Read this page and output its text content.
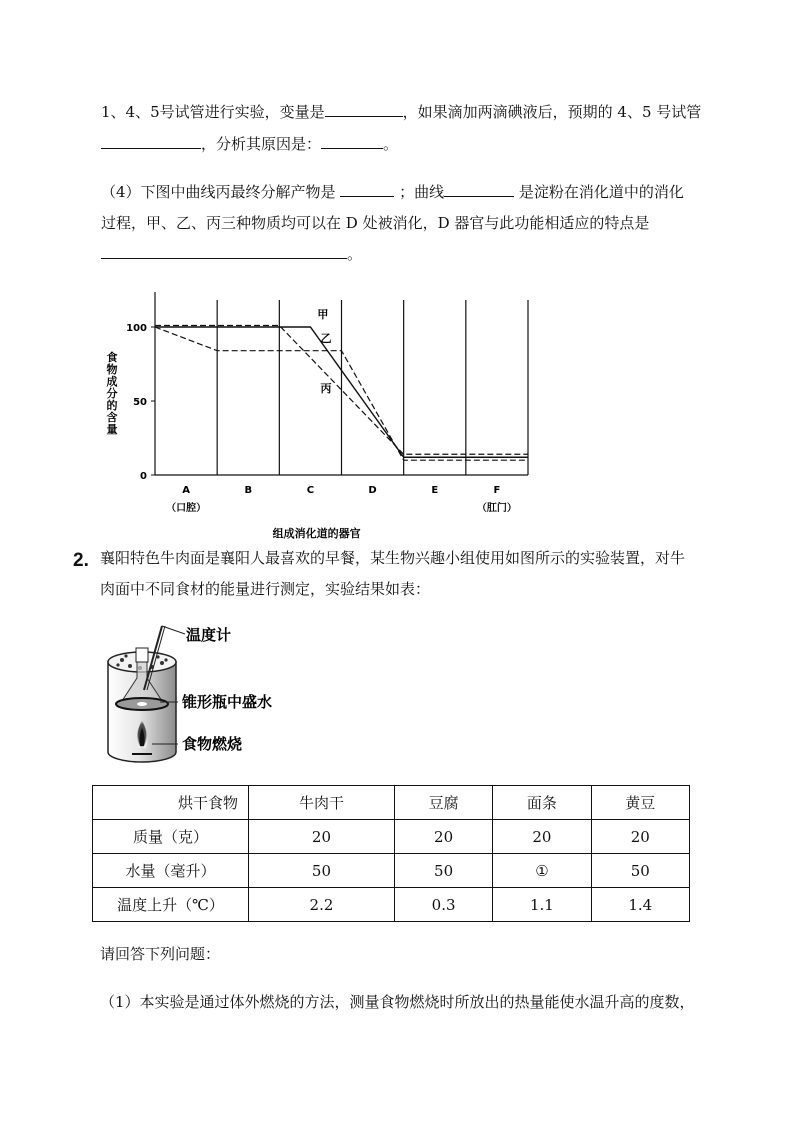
1、4、5号试管进行实验，变量是	，如果滴加两滴碘液后，预期的 4、5 号试管
，分析其原因是：	。
（4）下图中曲线丙最终分解产物是	；曲线	是淀粉在消化道中的消化
过程，甲、乙、丙三种物质均可以在 D 处被消化，D 器官与此功能相适应的特点是
。
0
50
100
食
物
成
分
的
含
量
A
（口腔）
B	C	D	E	F
（肛门）
组成消化道的器官
甲
乙
丙
2. 襄阳特色牛肉面是襄阳人最喜欢的早餐，某生物兴趣小组使用如图所示的实验装置，对牛
肉面中不同食材的能量进行测定，实验结果如表：
温度计
锥形瓶中盛水
食物燃烧
烘干食物	牛肉干	豆腐	面条	黄豆
质量（克）	20	20	20	20
水量（毫升）	50	50	①	50
温度上升（℃）	2.2	0.3	1.1	1.4
请回答下列问题：
（1）本实验是通过体外燃烧的方法，测量食物燃烧时所放出的热量能使水温升高的度数，
